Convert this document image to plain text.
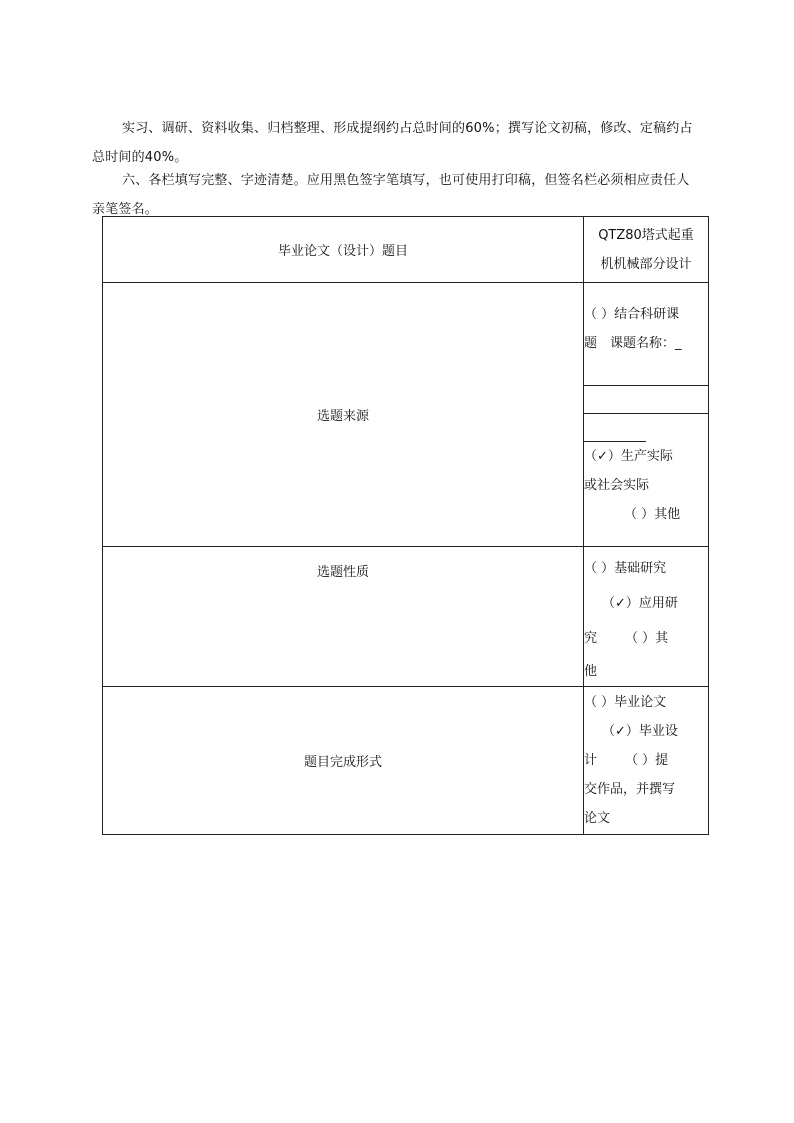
实习、调研、资料收集、归档整理、形成提纲约占总时间的60%；撰写论文初稿，修改、定稿约占总时间的40%。

六、各栏填写完整、字迹清楚。应用黑色签字笔填写，也可使用打印稿，但签名栏必须相应责任人亲笔签名。

毕业论文（设计）题目	QTZ80塔式起重
机机械部分设计

选题来源	（ ）结合科研课
题　课题名称：_
（✓）生产实际
或社会实际
（ ）其他

选题性质	（ ）基础研究
（✓）应用研
究 （ ）其
他

题目完成形式	（ ）毕业论文
（✓）毕业设
计 （ ）提
交作品，并撰写
论文
